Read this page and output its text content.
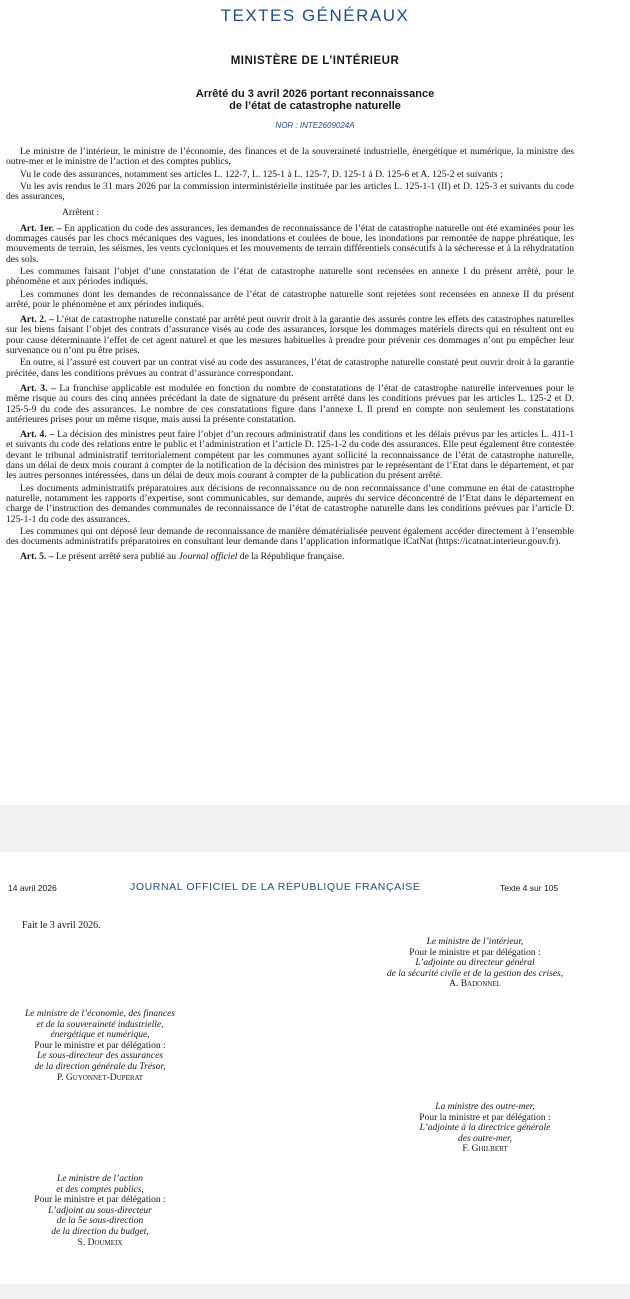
TEXTES GÉNÉRAUX
MINISTÈRE DE L’INTÉRIEUR
Arrêté du 3 avril 2026 portant reconnaissance
de l’état de catastrophe naturelle
NOR : INTE2609024A

Le ministre de l’intérieur, le ministre de l’économie, des finances et de la souveraineté industrielle, énergétique et numérique, la ministre des outre-mer et le ministre de l’action et des comptes publics,

Vu le code des assurances, notamment ses articles L. 122-7, L. 125-1 à L. 125-7, D. 125-1 à D. 125-6 et A. 125-2 et suivants ;

Vu les avis rendus le 31 mars 2026 par la commission interministérielle instituée par les articles L. 125-1-1 (II) et D. 125-3 et suivants du code des assurances,

Arrêtent :

Art. 1er. – En application du code des assurances, les demandes de reconnaissance de l’état de catastrophe naturelle ont été examinées pour les dommages causés par les chocs mécaniques des vagues, les inondations et coulées de boue, les inondations par remontée de nappe phréatique, les mouvements de terrain, les séismes, les vents cycloniques et les mouvements de terrain différentiels consécutifs à la sécheresse et à la réhydratation des sols.

Les communes faisant l’objet d’une constatation de l’état de catastrophe naturelle sont recensées en annexe I du présent arrêté, pour le phénomène et aux périodes indiqués.

Les communes dont les demandes de reconnaissance de l’état de catastrophe naturelle sont rejetées sont recensées en annexe II du présent arrêté, pour le phénomène et aux périodes indiqués.

Art. 2. – L’état de catastrophe naturelle constaté par arrêté peut ouvrir droit à la garantie des assurés contre les effets des catastrophes naturelles sur les biens faisant l’objet des contrats d’assurance visés au code des assurances, lorsque les dommages matériels directs qui en résultent ont eu pour cause déterminante l’effet de cet agent naturel et que les mesures habituelles à prendre pour prévenir ces dommages n’ont pu empêcher leur survenance ou n’ont pu être prises.

En outre, si l’assuré est couvert par un contrat visé au code des assurances, l’état de catastrophe naturelle constaté peut ouvrir droit à la garantie précitée, dans les conditions prévues au contrat d’assurance correspondant.

Art. 3. – La franchise applicable est modulée en fonction du nombre de constatations de l’état de catastrophe naturelle intervenues pour le même risque au cours des cinq années précédant la date de signature du présent arrêté dans les conditions prévues par les articles L. 125-2 et D. 125-5-9 du code des assurances. Le nombre de ces constatations figure dans l’annexe I. Il prend en compte non seulement les constatations antérieures prises pour un même risque, mais aussi la présente constatation.

Art. 4. – La décision des ministres peut faire l’objet d’un recours administratif dans les conditions et les délais prévus par les articles L. 411-1 et suivants du code des relations entre le public et l’administration et l’article D. 125-1-2 du code des assurances. Elle peut également être contestée devant le tribunal administratif territorialement compétent par les communes ayant sollicité la reconnaissance de l’état de catastrophe naturelle, dans un délai de deux mois courant à compter de la notification de la décision des ministres par le représentant de l’Etat dans le département, et par les autres personnes intéressées, dans un délai de deux mois courant à compter de la publication du présent arrêté.

Les documents administratifs préparatoires aux décisions de reconnaissance ou de non reconnaissance d’une commune en état de catastrophe naturelle, notamment les rapports d’expertise, sont communicables, sur demande, auprès du service déconcentré de l’Etat dans le département en charge de l’instruction des demandes communales de reconnaissance de l’état de catastrophe naturelle dans les conditions prévues par l’article D. 125-1-1 du code des assurances.

Les communes qui ont déposé leur demande de reconnaissance de manière dématérialisée peuvent également accéder directement à l’ensemble des documents administratifs préparatoires en consultant leur demande dans l’application informatique iCatNat (https://icatnat.interieur.gouv.fr).

Art. 5. – Le présent arrêté sera publié au Journal officiel de la République française.

14 avril 2026	JOURNAL OFFICIEL DE LA RÉPUBLIQUE FRANÇAISE	Texte 4 sur 105
Fait le 3 avril 2026.
Le ministre de l’intérieur,
Pour le ministre et par délégation :
L’adjointe au directeur général
de la sécurité civile et de la gestion des crises,
A. Badonnel
Le ministre de l’économie, des finances
et de la souveraineté industrielle,
énergétique et numérique,
Pour le ministre et par délégation :
Le sous-directeur des assurances
de la direction générale du Trésor,
P. Guyonnet-Duperat
La ministre des outre-mer,
Pour la ministre et par délégation :
L’adjointe à la directrice générale
des outre-mer,
F. Ghilbert
Le ministre de l’action
et des comptes publics,
Pour le ministre et par délégation :
L’adjoint au sous-directeur
de la 5e sous-direction
de la direction du budget,
S. Doumeix
